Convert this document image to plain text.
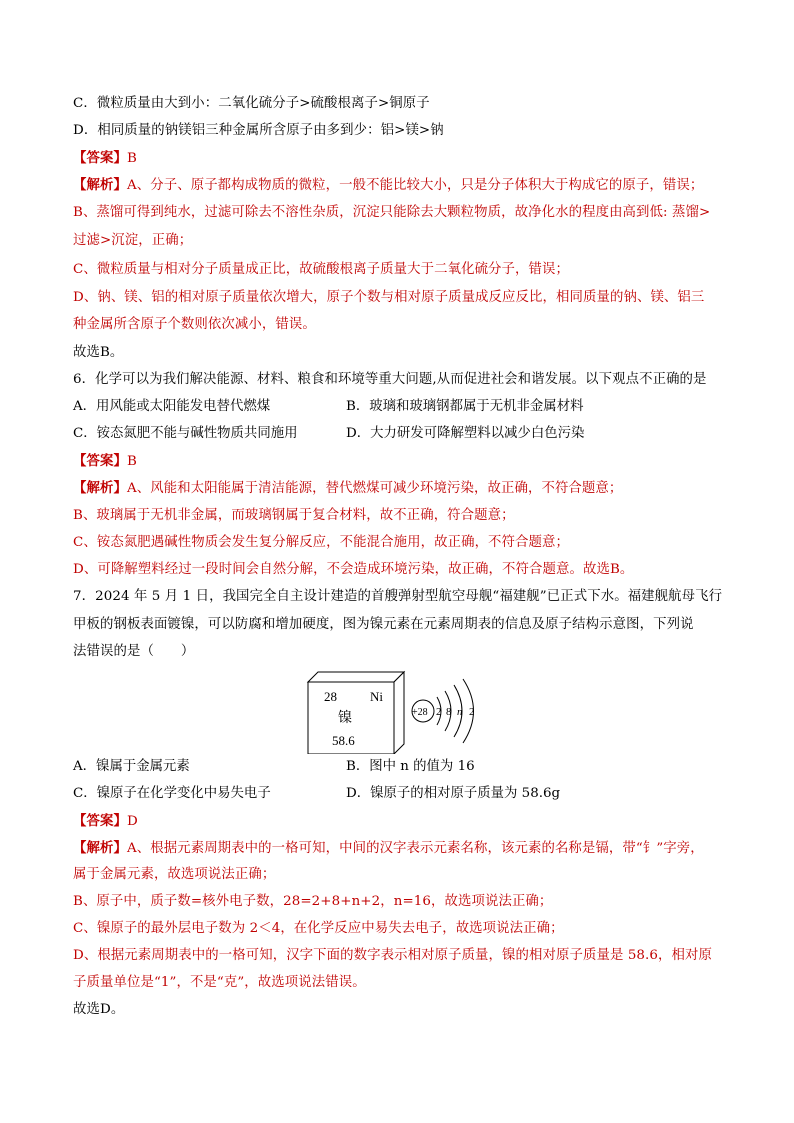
C．微粒质量由大到小：二氧化硫分子>硫酸根离子>铜原子
D．相同质量的钠镁铝三种金属所含原子由多到少：铝>镁>钠
【答案】B
【解析】A、分子、原子都构成物质的微粒，一般不能比较大小，只是分子体积大于构成它的原子，错误；
B、蒸馏可得到纯水，过滤可除去不溶性杂质，沉淀只能除去大颗粒物质，故净化水的程度由高到低: 蒸馏>
过滤>沉淀，正确；
C、微粒质量与相对分子质量成正比，故硫酸根离子质量大于二氧化硫分子，错误；
D、钠、镁、铝的相对原子质量依次增大，原子个数与相对原子质量成反应反比，相同质量的钠、镁、铝三
种金属所含原子个数则依次减小，错误。
故选B。
6．化学可以为我们解决能源、材料、粮食和环境等重大问题,从而促进社会和谐发展。以下观点不正确的是
A．用风能或太阳能发电替代燃煤	B．玻璃和玻璃钢都属于无机非金属材料
C．铵态氮肥不能与碱性物质共同施用	D．大力研发可降解塑料以减少白色污染
【答案】B
【解析】A、风能和太阳能属于清洁能源，替代燃煤可减少环境污染，故正确，不符合题意；
B、玻璃属于无机非金属，而玻璃钢属于复合材料，故不正确，符合题意；
C、铵态氮肥遇碱性物质会发生复分解反应，不能混合施用，故正确，不符合题意；
D、可降解塑料经过一段时间会自然分解，不会造成环境污染，故正确，不符合题意。故选B。
7．2024 年 5 月 1 日，我国完全自主设计建造的首艘弹射型航空母舰“福建舰”已正式下水。福建舰航母飞行
甲板的钢板表面镀镍，可以防腐和增加硬度，图为镍元素在元素周期表的信息及原子结构示意图，下列说
法错误的是（　　）
28	Ni
镍
58.6
+28 2 8 n 2
A．镍属于金属元素	B．图中 n 的值为 16
C．镍原子在化学变化中易失电子	D．镍原子的相对原子质量为 58.6g
【答案】D
【解析】A、根据元素周期表中的一格可知，中间的汉字表示元素名称，该元素的名称是镉，带“钅”字旁，
属于金属元素，故选项说法正确；
B、原子中，质子数=核外电子数，28=2+8+n+2，n=16，故选项说法正确；
C、镍原子的最外层电子数为 2＜4，在化学反应中易失去电子，故选项说法正确；
D、根据元素周期表中的一格可知，汉字下面的数字表示相对原子质量，镍的相对原子质量是 58.6，相对原
子质量单位是“1”，不是“克”，故选项说法错误。
故选D。
